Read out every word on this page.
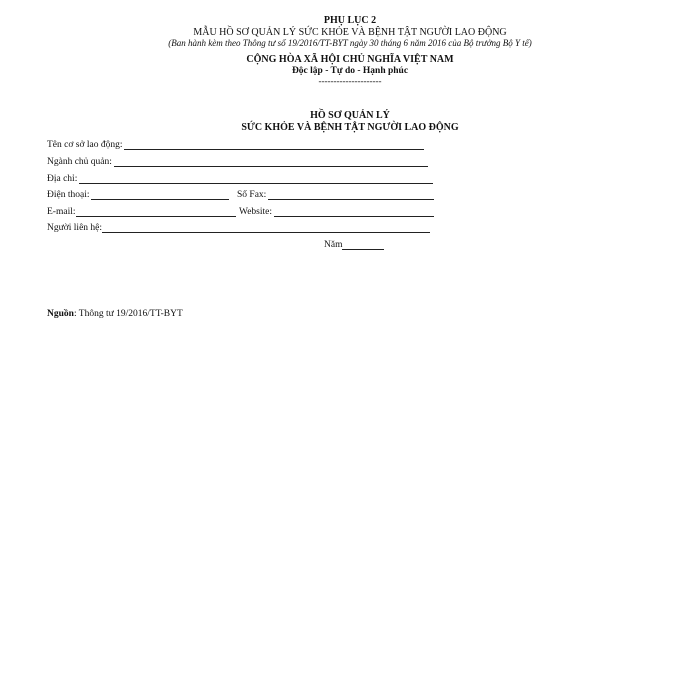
PHỤ LỤC 2
MẪU HỒ SƠ QUẢN LÝ SỨC KHỎE VÀ BỆNH TẬT NGƯỜI LAO ĐỘNG
(Ban hành kèm theo Thông tư số 19/2016/TT-BYT ngày 30 tháng 6 năm 2016 của Bộ trưởng Bộ Y tế)
CỘNG HÒA XÃ HỘI CHỦ NGHĨA VIỆT NAM
Độc lập - Tự do - Hạnh phúc
---------------------
HỒ SƠ QUẢN LÝ
SỨC KHỎE VÀ BỆNH TẬT NGƯỜI LAO ĐỘNG
Tên cơ sở lao động:
Ngành chủ quản:
Địa chỉ:
Điện thoại:	Số Fax:
E-mail:	Website:
Người liên hệ:
Năm
Nguồn: Thông tư 19/2016/TT-BYT
